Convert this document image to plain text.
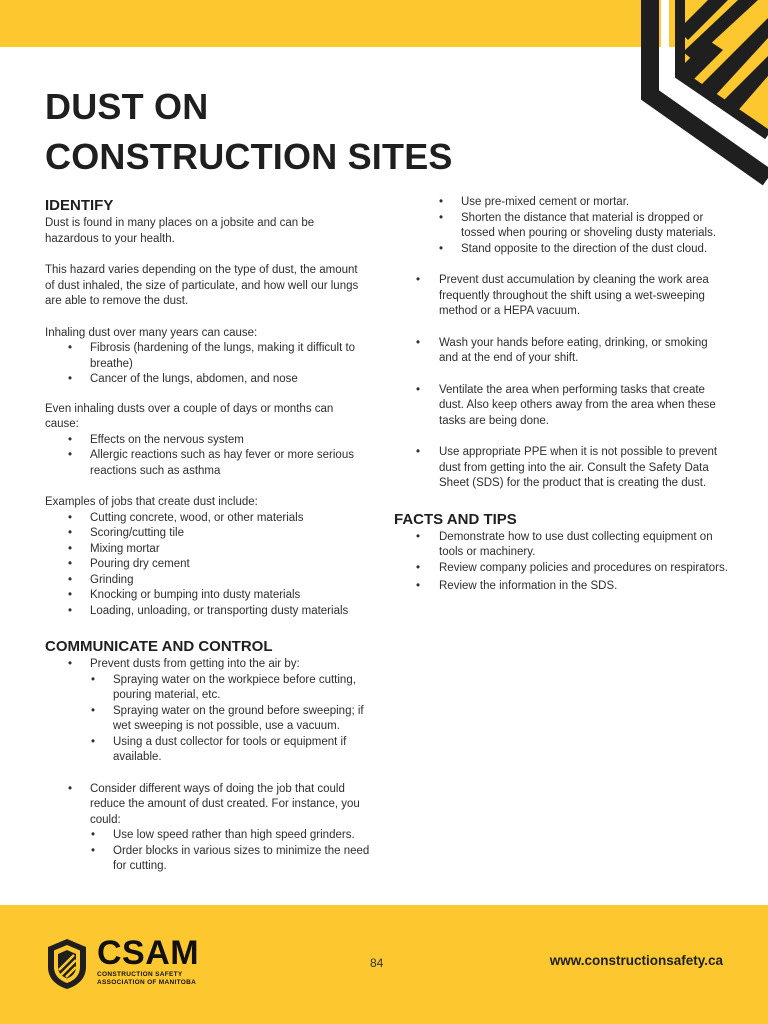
DUST ON
CONSTRUCTION SITES
IDENTIFY

Dust is found in many places on a jobsite and can be hazardous to your health.

This hazard varies depending on the type of dust, the amount of dust inhaled, the size of particulate, and how well our lungs are able to remove the dust.

Inhaling dust over many years can cause:

• Fibrosis (hardening of the lungs, making it difficult to breathe)
• Cancer of the lungs, abdomen, and nose

Even inhaling dusts over a couple of days or months can cause:

• Effects on the nervous system
• Allergic reactions such as hay fever or more serious reactions such as asthma

Examples of jobs that create dust include:

• Cutting concrete, wood, or other materials
• Scoring/cutting tile
• Mixing mortar
• Pouring dry cement
• Grinding
• Knocking or bumping into dusty materials
• Loading, unloading, or transporting dusty materials
COMMUNICATE AND CONTROL
• Prevent dusts from getting into the air by:
• Spraying water on the workpiece before cutting, pouring material, etc.
• Spraying water on the ground before sweeping; if wet sweeping is not possible, use a vacuum.
• Using a dust collector for tools or equipment if available.
• Consider different ways of doing the job that could reduce the amount of dust created. For instance, you could:
• Use low speed rather than high speed grinders.
• Order blocks in various sizes to minimize the need for cutting.
• Use pre-mixed cement or mortar.
• Shorten the distance that material is dropped or tossed when pouring or shoveling dusty materials.
• Stand opposite to the direction of the dust cloud.
• Prevent dust accumulation by cleaning the work area frequently throughout the shift using a wet-sweeping method or a HEPA vacuum.
• Wash your hands before eating, drinking, or smoking and at the end of your shift.
• Ventilate the area when performing tasks that create dust. Also keep others away from the area when these tasks are being done.
• Use appropriate PPE when it is not possible to prevent dust from getting into the air. Consult the Safety Data Sheet (SDS) for the product that is creating the dust.
FACTS AND TIPS
• Demonstrate how to use dust collecting equipment on tools or machinery.
• Review company policies and procedures on respirators.
• Review the information in the SDS.
CSAM
CONSTRUCTION SAFETY
ASSOCIATION OF MANITOBA
84	www.constructionsafety.ca
